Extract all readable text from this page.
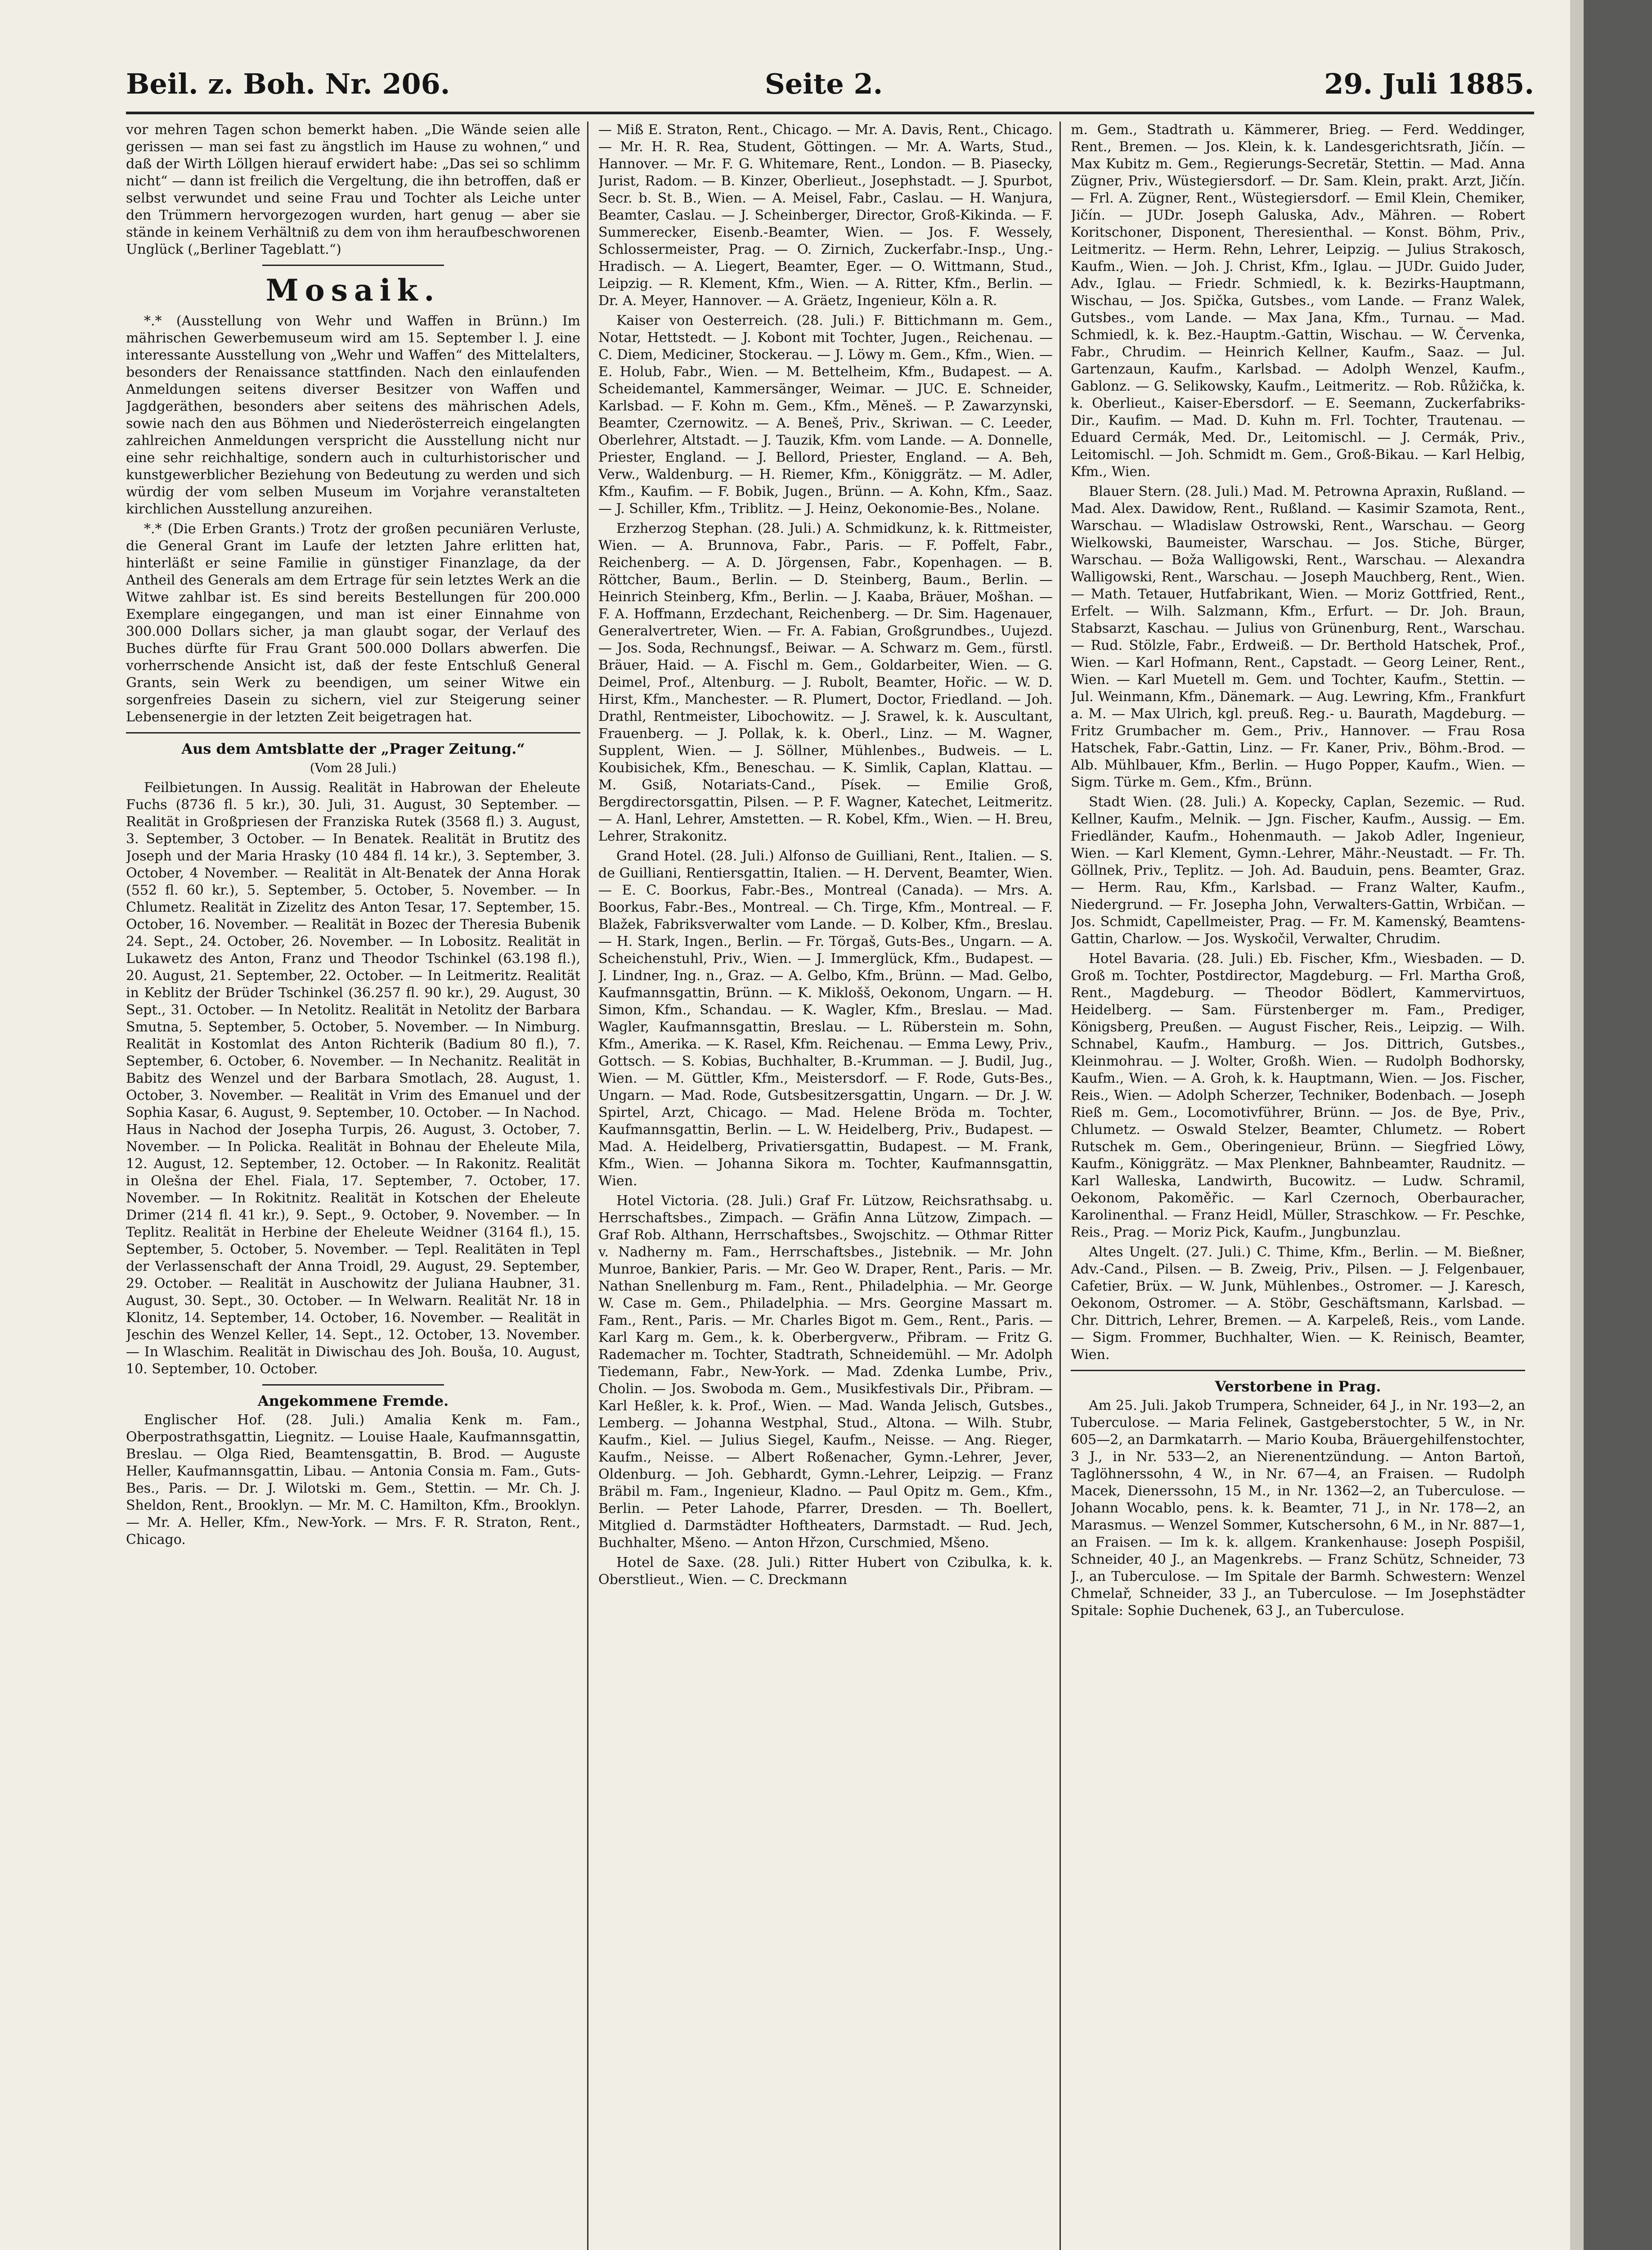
Beil. z. Boh. Nr. 206.	Seite 2.	29. Juli 1885.

vor mehren Tagen schon bemerkt haben. „Die Wände seien alle gerissen — man sei fast zu ängstlich im Hause zu wohnen,“ und daß der Wirth Löllgen hierauf erwidert habe: „Das sei so schlimm nicht“ — dann ist freilich die Vergeltung, die ihn betroffen, daß er selbst verwundet und seine Frau und Tochter als Leiche unter den Trümmern hervorgezogen wurden, hart genug — aber sie stände in keinem Verhältniß zu dem von ihm heraufbeschworenen Unglück („Berliner Tageblatt.“)

Mosaik.

*.* (Ausstellung von Wehr und Waffen in Brünn.) Im mährischen Gewerbemuseum wird am 15. September l. J. eine interessante Ausstellung von „Wehr und Waffen“ des Mittelalters, besonders der Renaissance stattfinden. Nach den einlaufenden Anmeldungen seitens diverser Besitzer von Waffen und Jagdgeräthen, besonders aber seitens des mährischen Adels, sowie nach den aus Böhmen und Niederösterreich eingelangten zahlreichen Anmeldungen verspricht die Ausstellung nicht nur eine sehr reichhaltige, sondern auch in culturhistorischer und kunstgewerblicher Beziehung von Bedeutung zu werden und sich würdig der vom selben Museum im Vorjahre veranstalteten kirchlichen Ausstellung anzureihen.

*.* (Die Erben Grants.) Trotz der großen pecuniären Verluste, die General Grant im Laufe der letzten Jahre erlitten hat, hinterläßt er seine Familie in günstiger Finanzlage, da der Antheil des Generals am dem Ertrage für sein letztes Werk an die Witwe zahlbar ist. Es sind bereits Bestellungen für 200.000 Exemplare eingegangen, und man ist einer Einnahme von 300.000 Dollars sicher, ja man glaubt sogar, der Verlauf des Buches dürfte für Frau Grant 500.000 Dollars abwerfen. Die vorherrschende Ansicht ist, daß der feste Entschluß General Grants, sein Werk zu beendigen, um seiner Witwe ein sorgenfreies Dasein zu sichern, viel zur Steigerung seiner Lebensenergie in der letzten Zeit beigetragen hat.

Aus dem Amtsblatte der „Prager Zeitung.“
(Vom 28 Juli.)

Feilbietungen. In Aussig. Realität in Habrowan der Eheleute Fuchs (8736 fl. 5 kr.), 30. Juli, 31. August, 30 September. — Realität in Großpriesen der Franziska Rutek (3568 fl.) 3. August, 3. September, 3 October. — In Benatek. Realität in Brutitz des Joseph und der Maria Hrasky (10 484 fl. 14 kr.), 3. September, 3. October, 4 November. — Realität in Alt-Benatek der Anna Horak (552 fl. 60 kr.), 5. September, 5. October, 5. November. — In Chlumetz. Realität in Zizelitz des Anton Tesar, 17. September, 15. October, 16. November. — Realität in Bozec der Theresia Bubenik 24. Sept., 24. October, 26. November. — In Lobositz. Realität in Lukawetz des Anton, Franz und Theodor Tschinkel (63.198 fl.), 20. August, 21. September, 22. October. — In Leitmeritz. Realität in Keblitz der Brüder Tschinkel (36.257 fl. 90 kr.), 29. August, 30 Sept., 31. October. — In Netolitz. Realität in Netolitz der Barbara Smutna, 5. September, 5. October, 5. November. — In Nimburg. Realität in Kostomlat des Anton Richterik (Badium 80 fl.), 7. September, 6. October, 6. November. — In Nechanitz. Realität in Babitz des Wenzel und der Barbara Smotlach, 28. August, 1. October, 3. November. — Realität in Vrim des Emanuel und der Sophia Kasar, 6. August, 9. September, 10. October. — In Nachod. Haus in Nachod der Josepha Turpis, 26. August, 3. October, 7. November. — In Policka. Realität in Bohnau der Eheleute Mila, 12. August, 12. September, 12. October. — In Rakonitz. Realität in Olešna der Ehel. Fiala, 17. September, 7. October, 17. November. — In Rokitnitz. Realität in Kotschen der Eheleute Drimer (214 fl. 41 kr.), 9. Sept., 9. October, 9. November. — In Teplitz. Realität in Herbine der Eheleute Weidner (3164 fl.), 15. September, 5. October, 5. November. — Tepl. Realitäten in Tepl der Verlassenschaft der Anna Troidl, 29. August, 29. September, 29. October. — Realität in Auschowitz der Juliana Haubner, 31. August, 30. Sept., 30. October. — In Welwarn. Realität Nr. 18 in Klonitz, 14. September, 14. October, 16. November. — Realität in Jeschin des Wenzel Keller, 14. Sept., 12. October, 13. November. — In Wlaschim. Realität in Diwischau des Joh. Bouša, 10. August, 10. September, 10. October.

Angekommene Fremde.

Englischer Hof. (28. Juli.) Amalia Kenk m. Fam., Oberpostrathsgattin, Liegnitz. — Louise Haale, Kaufmannsgattin, Breslau. — Olga Ried, Beamtensgattin, B. Brod. — Auguste Heller, Kaufmannsgattin, Libau. — Antonia Consia m. Fam., Guts-Bes., Paris. — Dr. J. Wilotski m. Gem., Stettin. — Mr. Ch. J. Sheldon, Rent., Brooklyn. — Mr. M. C. Hamilton, Kfm., Brooklyn. — Mr. A. Heller, Kfm., New-York. — Mrs. F. R. Straton, Rent., Chicago.

— Miß E. Straton, Rent., Chicago. — Mr. A. Davis, Rent., Chicago. — Mr. H. R. Rea, Student, Göttingen. — Mr. A. Warts, Stud., Hannover. — Mr. F. G. Whitemare, Rent., London. — B. Piasecky, Jurist, Radom. — B. Kinzer, Oberlieut., Josephstadt. — J. Spurbot, Secr. b. St. B., Wien. — A. Meisel, Fabr., Caslau. — H. Wanjura, Beamter, Caslau. — J. Scheinberger, Director, Groß-Kikinda. — F. Summerecker, Eisenb.-Beamter, Wien. — Jos. F. Wessely, Schlossermeister, Prag. — O. Zirnich, Zuckerfabr.-Insp., Ung.-Hradisch. — A. Liegert, Beamter, Eger. — O. Wittmann, Stud., Leipzig. — R. Klement, Kfm., Wien. — A. Ritter, Kfm., Berlin. — Dr. A. Meyer, Hannover. — A. Gräetz, Ingenieur, Köln a. R.

Kaiser von Oesterreich. (28. Juli.) F. Bittichmann m. Gem., Notar, Hettstedt. — J. Kobont mit Tochter, Jugen., Reichenau. — C. Diem, Mediciner, Stockerau. — J. Löwy m. Gem., Kfm., Wien. — E. Holub, Fabr., Wien. — M. Bettelheim, Kfm., Budapest. — A. Scheidemantel, Kammersänger, Weimar. — JUC. E. Schneider, Karlsbad. — F. Kohn m. Gem., Kfm., Mĕneš. — P. Zawarzynski, Beamter, Czernowitz. — A. Beneš, Priv., Skriwan. — C. Leeder, Oberlehrer, Altstadt. — J. Tauzik, Kfm. vom Lande. — A. Donnelle, Priester, England. — J. Bellord, Priester, England. — A. Beh, Verw., Waldenburg. — H. Riemer, Kfm., Königgrätz. — M. Adler, Kfm., Kaufim. — F. Bobik, Jugen., Brünn. — A. Kohn, Kfm., Saaz. — J. Schiller, Kfm., Triblitz. — J. Heinz, Oekonomie-Bes., Nolane.

Erzherzog Stephan. (28. Juli.) A. Schmidkunz, k. k. Rittmeister, Wien. — A. Brunnova, Fabr., Paris. — F. Poffelt, Fabr., Reichenberg. — A. D. Jörgensen, Fabr., Kopenhagen. — B. Röttcher, Baum., Berlin. — D. Steinberg, Baum., Berlin. — Heinrich Steinberg, Kfm., Berlin. — J. Kaaba, Bräuer, Mošhan. — F. A. Hoffmann, Erzdechant, Reichenberg. — Dr. Sim. Hagenauer, Generalvertreter, Wien. — Fr. A. Fabian, Großgrundbes., Uujezd. — Jos. Soda, Rechnungsf., Beiwar. — A. Schwarz m. Gem., fürstl. Bräuer, Haid. — A. Fischl m. Gem., Goldarbeiter, Wien. — G. Deimel, Prof., Altenburg. — J. Rubolt, Beamter, Hořic. — W. D. Hirst, Kfm., Manchester. — R. Plumert, Doctor, Friedland. — Joh. Drathl, Rentmeister, Libochowitz. — J. Srawel, k. k. Auscultant, Frauenberg. — J. Pollak, k. k. Oberl., Linz. — M. Wagner, Supplent, Wien. — J. Söllner, Mühlenbes., Budweis. — L. Koubisichek, Kfm., Beneschau. — K. Simlik, Caplan, Klattau. — M. Gsiß, Notariats-Cand., Písek. — Emilie Groß, Bergdirectorsgattin, Pilsen. — P. F. Wagner, Katechet, Leitmeritz. — A. Hanl, Lehrer, Amstetten. — R. Kobel, Kfm., Wien. — H. Breu, Lehrer, Strakonitz.

Grand Hotel. (28. Juli.) Alfonso de Guilliani, Rent., Italien. — S. de Guilliani, Rentiersgattin, Italien. — H. Dervent, Beamter, Wien. — E. C. Boorkus, Fabr.-Bes., Montreal (Canada). — Mrs. A. Boorkus, Fabr.-Bes., Montreal. — Ch. Tirge, Kfm., Montreal. — F. Blažek, Fabriksverwalter vom Lande. — D. Kolber, Kfm., Breslau. — H. Stark, Ingen., Berlin. — Fr. Törgaš, Guts-Bes., Ungarn. — A. Scheichenstuhl, Priv., Wien. — J. Immerglück, Kfm., Budapest. — J. Lindner, Ing. n., Graz. — A. Gelbo, Kfm., Brünn. — Mad. Gelbo, Kaufmannsgattin, Brünn. — K. Miklošš, Oekonom, Ungarn. — H. Simon, Kfm., Schandau. — K. Wagler, Kfm., Breslau. — Mad. Wagler, Kaufmannsgattin, Breslau. — L. Rüberstein m. Sohn, Kfm., Amerika. — K. Rasel, Kfm. Reichenau. — Emma Lewy, Priv., Gottsch. — S. Kobias, Buchhalter, B.-Krumman. — J. Budil, Jug., Wien. — M. Güttler, Kfm., Meistersdorf. — F. Rode, Guts-Bes., Ungarn. — Mad. Rode, Gutsbesitzersgattin, Ungarn. — Dr. J. W. Spirtel, Arzt, Chicago. — Mad. Helene Bröda m. Tochter, Kaufmannsgattin, Berlin. — L. W. Heidelberg, Priv., Budapest. — Mad. A. Heidelberg, Privatiersgattin, Budapest. — M. Frank, Kfm., Wien. — Johanna Sikora m. Tochter, Kaufmannsgattin, Wien.

Hotel Victoria. (28. Juli.) Graf Fr. Lützow, Reichsrathsabg. u. Herrschaftsbes., Zimpach. — Gräfin Anna Lützow, Zimpach. — Graf Rob. Althann, Herrschaftsbes., Swojschitz. — Othmar Ritter v. Nadherny m. Fam., Herrschaftsbes., Jistebnik. — Mr. John Munroe, Bankier, Paris. — Mr. Geo W. Draper, Rent., Paris. — Mr. Nathan Snellenburg m. Fam., Rent., Philadelphia. — Mr. George W. Case m. Gem., Philadelphia. — Mrs. Georgine Massart m. Fam., Rent., Paris. — Mr. Charles Bigot m. Gem., Rent., Paris. — Karl Karg m. Gem., k. k. Oberbergverw., Přibram. — Fritz G. Rademacher m. Tochter, Stadtrath, Schneidemühl. — Mr. Adolph Tiedemann, Fabr., New-York. — Mad. Zdenka Lumbe, Priv., Cholin. — Jos. Swoboda m. Gem., Musikfestivals Dir., Přibram. — Karl Heßler, k. k. Prof., Wien. — Mad. Wanda Jelisch, Gutsbes., Lemberg. — Johanna Westphal, Stud., Altona. — Wilh. Stubr, Kaufm., Kiel. — Julius Siegel, Kaufm., Neisse. — Ang. Rieger, Kaufm., Neisse. — Albert Roßenacher, Gymn.-Lehrer, Jever, Oldenburg. — Joh. Gebhardt, Gymn.-Lehrer, Leipzig. — Franz Bräbil m. Fam., Ingenieur, Kladno. — Paul Opitz m. Gem., Kfm., Berlin. — Peter Lahode, Pfarrer, Dresden. — Th. Boellert, Mitglied d. Darmstädter Hoftheaters, Darmstadt. — Rud. Jech, Buchhalter, Mšeno. — Anton Hřzon, Curschmied, Mšeno.

Hotel de Saxe. (28. Juli.) Ritter Hubert von Czibulka, k. k. Oberstlieut., Wien. — C. Dreckmann

m. Gem., Stadtrath u. Kämmerer, Brieg. — Ferd. Weddinger, Rent., Bremen. — Jos. Klein, k. k. Landesgerichtsrath, Jičín. — Max Kubitz m. Gem., Regierungs-Secretär, Stettin. — Mad. Anna Zügner, Priv., Wüstegiersdorf. — Dr. Sam. Klein, prakt. Arzt, Jičín. — Frl. A. Zügner, Rent., Wüstegiersdorf. — Emil Klein, Chemiker, Jičín. — JUDr. Joseph Galuska, Adv., Mähren. — Robert Koritschoner, Disponent, Theresienthal. — Konst. Böhm, Priv., Leitmeritz. — Herm. Rehn, Lehrer, Leipzig. — Julius Strakosch, Kaufm., Wien. — Joh. J. Christ, Kfm., Iglau. — JUDr. Guido Juder, Adv., Iglau. — Friedr. Schmiedl, k. k. Bezirks-Hauptmann, Wischau, — Jos. Spička, Gutsbes., vom Lande. — Franz Walek, Gutsbes., vom Lande. — Max Jana, Kfm., Turnau. — Mad. Schmiedl, k. k. Bez.-Hauptm.-Gattin, Wischau. — W. Červenka, Fabr., Chrudim. — Heinrich Kellner, Kaufm., Saaz. — Jul. Gartenzaun, Kaufm., Karlsbad. — Adolph Wenzel, Kaufm., Gablonz. — G. Selikowsky, Kaufm., Leitmeritz. — Rob. Růžička, k. k. Oberlieut., Kaiser-Ebersdorf. — E. Seemann, Zuckerfabriks-Dir., Kaufim. — Mad. D. Kuhn m. Frl. Tochter, Trautenau. — Eduard Cermák, Med. Dr., Leitomischl. — J. Cermák, Priv., Leitomischl. — Joh. Schmidt m. Gem., Groß-Bikau. — Karl Helbig, Kfm., Wien.

Blauer Stern. (28. Juli.) Mad. M. Petrowna Apraxin, Rußland. — Mad. Alex. Dawidow, Rent., Rußland. — Kasimir Szamota, Rent., Warschau. — Wladislaw Ostrowski, Rent., Warschau. — Georg Wielkowski, Baumeister, Warschau. — Jos. Stiche, Bürger, Warschau. — Boža Walligowski, Rent., Warschau. — Alexandra Walligowski, Rent., Warschau. — Joseph Mauchberg, Rent., Wien. — Math. Tetauer, Hutfabrikant, Wien. — Moriz Gottfried, Rent., Erfelt. — Wilh. Salzmann, Kfm., Erfurt. — Dr. Joh. Braun, Stabsarzt, Kaschau. — Julius von Grünenburg, Rent., Warschau. — Rud. Stölzle, Fabr., Erdweiß. — Dr. Berthold Hatschek, Prof., Wien. — Karl Hofmann, Rent., Capstadt. — Georg Leiner, Rent., Wien. — Karl Muetell m. Gem. und Tochter, Kaufm., Stettin. — Jul. Weinmann, Kfm., Dänemark. — Aug. Lewring, Kfm., Frankfurt a. M. — Max Ulrich, kgl. preuß. Reg.- u. Baurath, Magdeburg. — Fritz Grumbacher m. Gem., Priv., Hannover. — Frau Rosa Hatschek, Fabr.-Gattin, Linz. — Fr. Kaner, Priv., Böhm.-Brod. — Alb. Mühlbauer, Kfm., Berlin. — Hugo Popper, Kaufm., Wien. — Sigm. Türke m. Gem., Kfm., Brünn.

Stadt Wien. (28. Juli.) A. Kopecky, Caplan, Sezemic. — Rud. Kellner, Kaufm., Melnik. — Jgn. Fischer, Kaufm., Aussig. — Em. Friedländer, Kaufm., Hohenmauth. — Jakob Adler, Ingenieur, Wien. — Karl Klement, Gymn.-Lehrer, Mähr.-Neustadt. — Fr. Th. Göllnek, Priv., Teplitz. — Joh. Ad. Bauduin, pens. Beamter, Graz. — Herm. Rau, Kfm., Karlsbad. — Franz Walter, Kaufm., Niedergrund. — Fr. Josepha John, Verwalters-Gattin, Wrbičan. — Jos. Schmidt, Capellmeister, Prag. — Fr. M. Kamenský, Beamtens-Gattin, Charlow. — Jos. Wyskočil, Verwalter, Chrudim.

Hotel Bavaria. (28. Juli.) Eb. Fischer, Kfm., Wiesbaden. — D. Groß m. Tochter, Postdirector, Magdeburg. — Frl. Martha Groß, Rent., Magdeburg. — Theodor Bödlert, Kammervirtuos, Heidelberg. — Sam. Fürstenberger m. Fam., Prediger, Königsberg, Preußen. — August Fischer, Reis., Leipzig. — Wilh. Schnabel, Kaufm., Hamburg. — Jos. Dittrich, Gutsbes., Kleinmohrau. — J. Wolter, Großh. Wien. — Rudolph Bodhorsky, Kaufm., Wien. — A. Groh, k. k. Hauptmann, Wien. — Jos. Fischer, Reis., Wien. — Adolph Scherzer, Techniker, Bodenbach. — Joseph Rieß m. Gem., Locomotivführer, Brünn. — Jos. de Bye, Priv., Chlumetz. — Oswald Stelzer, Beamter, Chlumetz. — Robert Rutschek m. Gem., Oberingenieur, Brünn. — Siegfried Löwy, Kaufm., Königgrätz. — Max Plenkner, Bahnbeamter, Raudnitz. — Karl Walleska, Landwirth, Bucowitz. — Ludw. Schramil, Oekonom, Pakoměřic. — Karl Czernoch, Oberbauracher, Karolinenthal. — Franz Heidl, Müller, Straschkow. — Fr. Peschke, Reis., Prag. — Moriz Pick, Kaufm., Jungbunzlau.

Altes Ungelt. (27. Juli.) C. Thime, Kfm., Berlin. — M. Bießner, Adv.-Cand., Pilsen. — B. Zweig, Priv., Pilsen. — J. Felgenbauer, Cafetier, Brüx. — W. Junk, Mühlenbes., Ostromer. — J. Karesch, Oekonom, Ostromer. — A. Stöbr, Geschäftsmann, Karlsbad. — Chr. Dittrich, Lehrer, Bremen. — A. Karpeleß, Reis., vom Lande. — Sigm. Frommer, Buchhalter, Wien. — K. Reinisch, Beamter, Wien.

Verstorbene in Prag.

Am 25. Juli. Jakob Trumpera, Schneider, 64 J., in Nr. 193—2, an Tuberculose. — Maria Felinek, Gastgeberstochter, 5 W., in Nr. 605—2, an Darmkatarrh. — Mario Kouba, Bräuergehilfenstochter, 3 J., in Nr. 533—2, an Nierenentzündung. — Anton Bartoň, Taglöhnerssohn, 4 W., in Nr. 67—4, an Fraisen. — Rudolph Macek, Dienerssohn, 15 M., in Nr. 1362—2, an Tuberculose. — Johann Wocablo, pens. k. k. Beamter, 71 J., in Nr. 178—2, an Marasmus. — Wenzel Sommer, Kutschersohn, 6 M., in Nr. 887—1, an Fraisen. — Im k. k. allgem. Krankenhause: Joseph Pospišil, Schneider, 40 J., an Magenkrebs. — Franz Schütz, Schneider, 73 J., an Tuberculose. — Im Spitale der Barmh. Schwestern: Wenzel Chmelař, Schneider, 33 J., an Tuberculose. — Im Josephstädter Spitale: Sophie Duchenek, 63 J., an Tuberculose.
